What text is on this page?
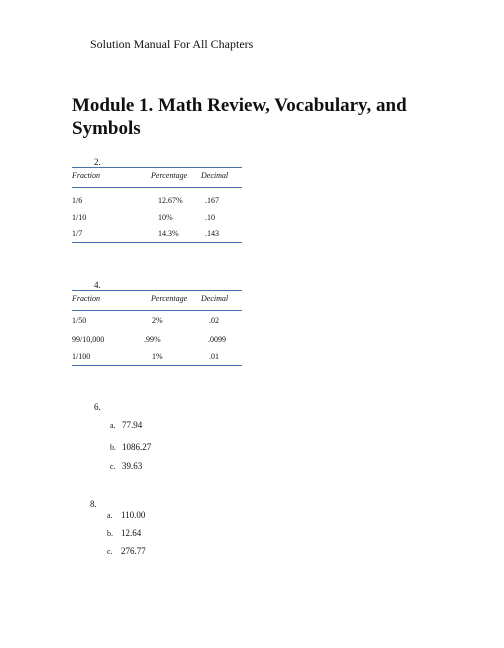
Solution Manual For All Chapters
Module 1. Math Review, Vocabulary, and Symbols
2.
Fraction	Percentage Decimal
1/6	12.67%	.167
1/10	10%	.10
1/7	14.3%	.143
4.
Fraction	Percentage Decimal
1/50	2%	.02
99/10,000	.99%	.0099
1/100	1%	.01
6.
a. 77.94
b. 1086.27
c. 39.63
8.
a. 110.00
b. 12.64
c. 276.77
